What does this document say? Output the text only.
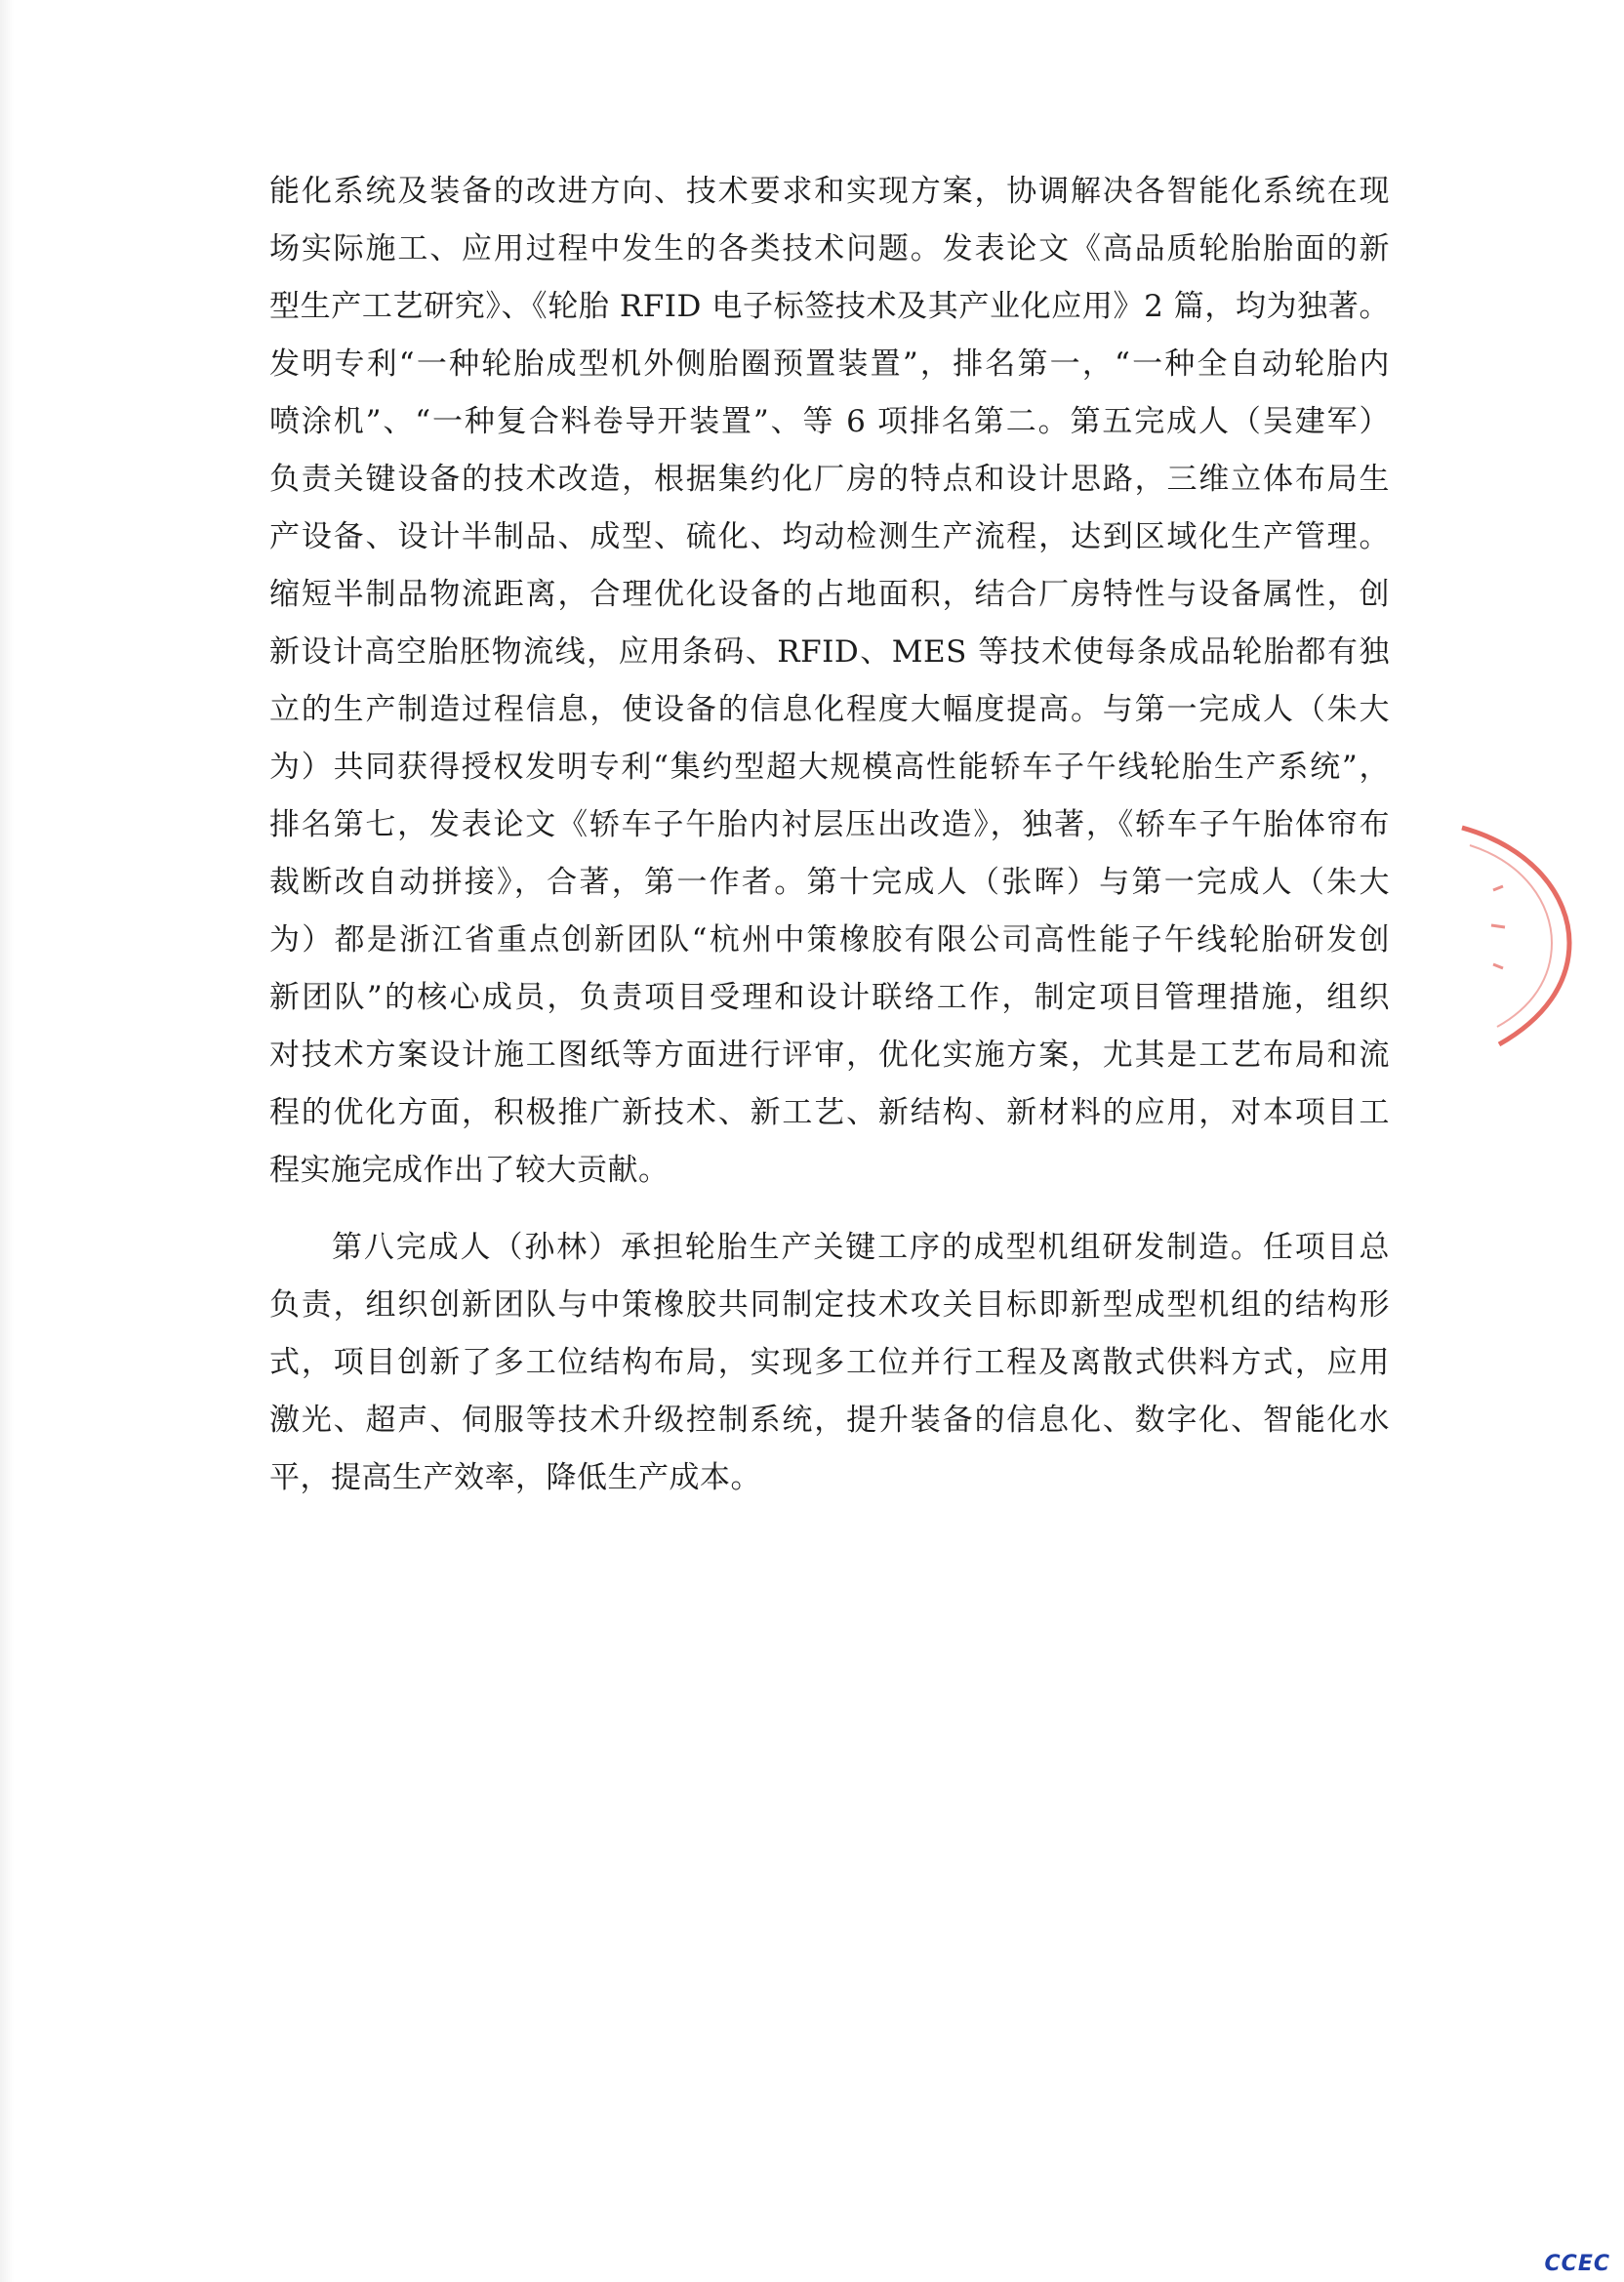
能化系统及装备的改进方向、技术要求和实现方案，协调解决各智能化系统在现
场实际施工、应用过程中发生的各类技术问题。发表论文《高品质轮胎胎面的新
型生产工艺研究》、《轮胎 RFID 电子标签技术及其产业化应用》2 篇，均为独著。
发明专利“一种轮胎成型机外侧胎圈预置装置”，排名第一，“一种全自动轮胎内
喷涂机”、“一种复合料卷导开装置”、等 6 项排名第二。第五完成人（吴建军）
负责关键设备的技术改造，根据集约化厂房的特点和设计思路，三维立体布局生
产设备、设计半制品、成型、硫化、均动检测生产流程，达到区域化生产管理。
缩短半制品物流距离，合理优化设备的占地面积，结合厂房特性与设备属性，创
新设计高空胎胚物流线，应用条码、RFID、MES 等技术使每条成品轮胎都有独
立的生产制造过程信息，使设备的信息化程度大幅度提高。与第一完成人（朱大
为）共同获得授权发明专利“集约型超大规模高性能轿车子午线轮胎生产系统”，
排名第七，发表论文《轿车子午胎内衬层压出改造》，独著，《轿车子午胎体帘布
裁断改自动拼接》，合著，第一作者。第十完成人（张晖）与第一完成人（朱大
为）都是浙江省重点创新团队“杭州中策橡胶有限公司高性能子午线轮胎研发创
新团队”的核心成员，负责项目受理和设计联络工作，制定项目管理措施，组织
对技术方案设计施工图纸等方面进行评审，优化实施方案，尤其是工艺布局和流
程的优化方面，积极推广新技术、新工艺、新结构、新材料的应用，对本项目工
程实施完成作出了较大贡献。
第八完成人（孙林）承担轮胎生产关键工序的成型机组研发制造。任项目总
负责，组织创新团队与中策橡胶共同制定技术攻关目标即新型成型机组的结构形
式，项目创新了多工位结构布局，实现多工位并行工程及离散式供料方式，应用
激光、超声、伺服等技术升级控制系统，提升装备的信息化、数字化、智能化水
平，提高生产效率，降低生产成本。
CCEC
